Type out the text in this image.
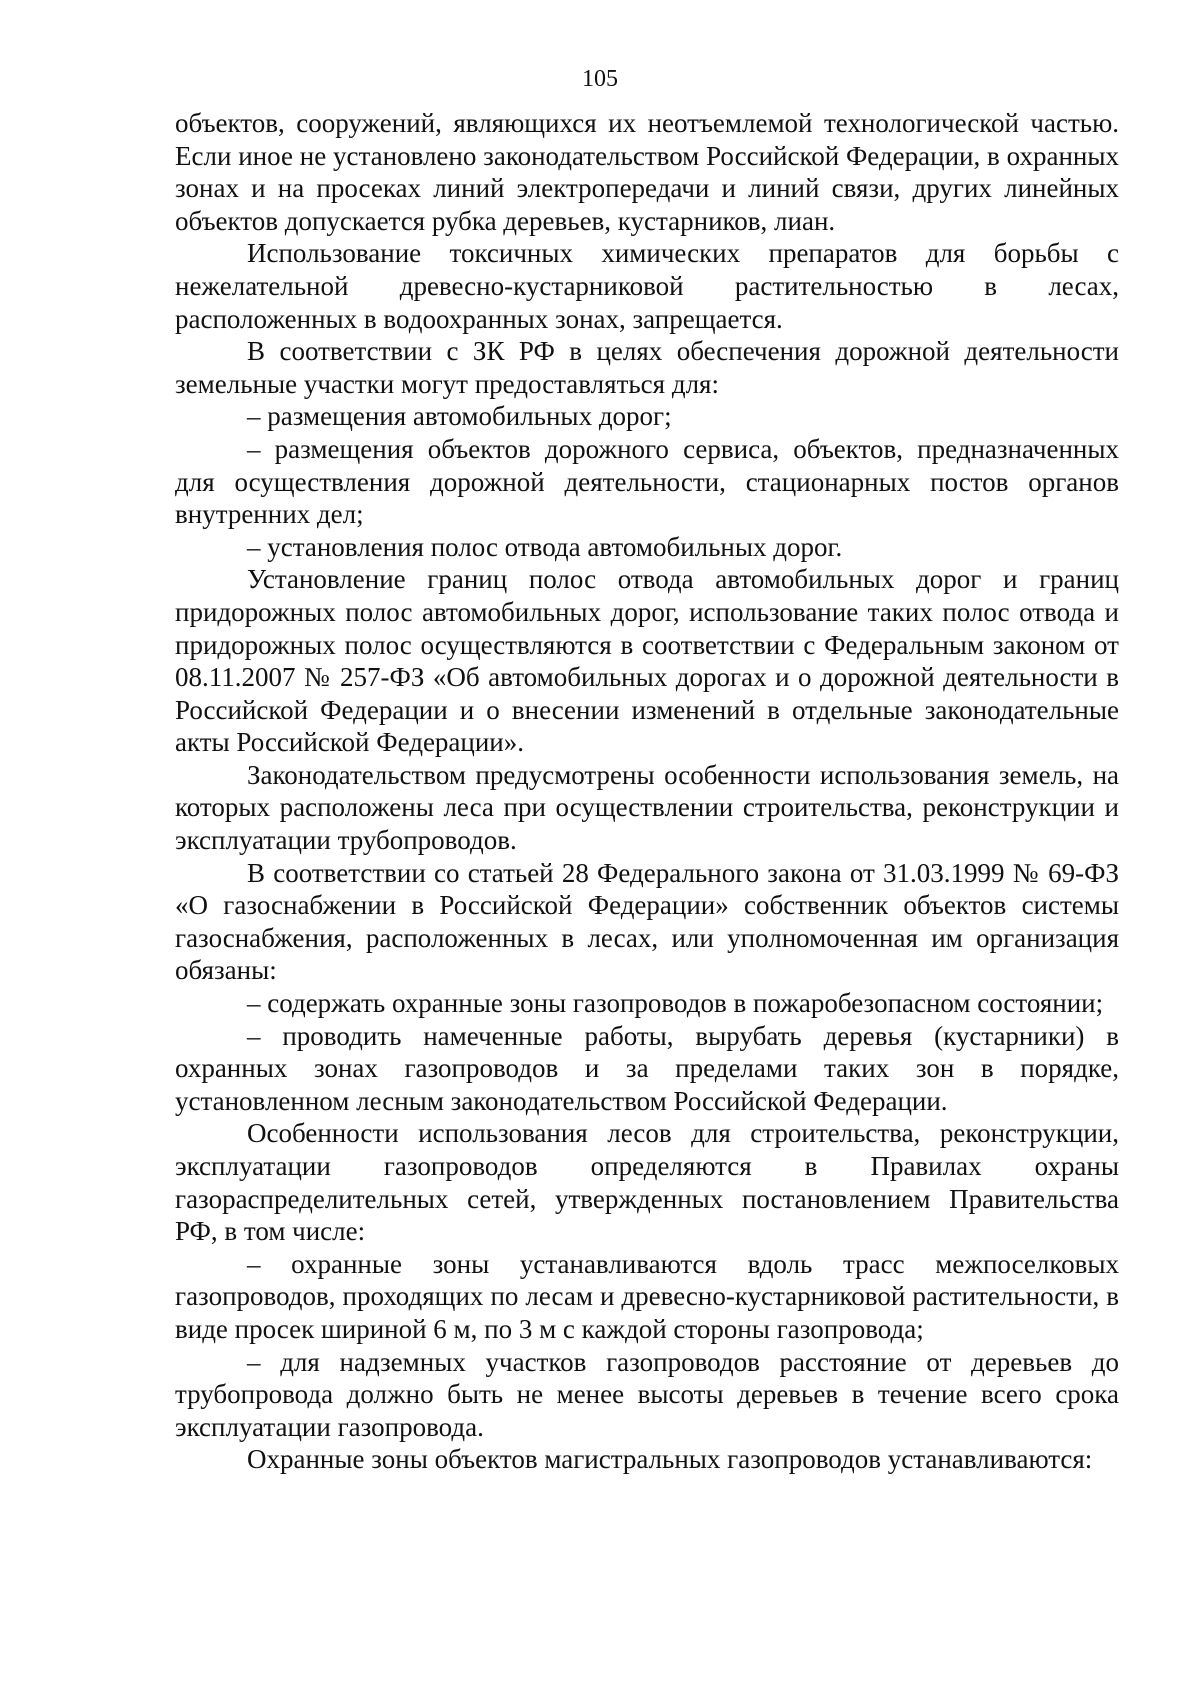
105

объектов, сооружений, являющихся их неотъемлемой технологической частью. Если иное не установлено законодательством Российской Федерации, в охранных зонах и на просеках линий электропередачи и линий связи, других линейных объектов допускается рубка деревьев, кустарников, лиан.

Использование токсичных химических препаратов для борьбы с нежелательной древесно-кустарниковой растительностью в лесах, расположенных в водоохранных зонах, запрещается.

В соответствии с ЗК РФ в целях обеспечения дорожной деятельности земельные участки могут предоставляться для:

– размещения автомобильных дорог;

– размещения объектов дорожного сервиса, объектов, предназначенных для осуществления дорожной деятельности, стационарных постов органов внутренних дел;

– установления полос отвода автомобильных дорог.

Установление границ полос отвода автомобильных дорог и границ придорожных полос автомобильных дорог, использование таких полос отвода и придорожных полос осуществляются в соответствии с Федеральным законом от 08.11.2007 № 257-ФЗ «Об автомобильных дорогах и о дорожной деятельности в Российской Федерации и о внесении изменений в отдельные законодательные акты Российской Федерации».

Законодательством предусмотрены особенности использования земель, на которых расположены леса при осуществлении строительства, реконструкции и эксплуатации трубопроводов.

В соответствии со статьей 28 Федерального закона от 31.03.1999 № 69-ФЗ «О газоснабжении в Российской Федерации» собственник объектов системы газоснабжения, расположенных в лесах, или уполномоченная им организация обязаны:

– содержать охранные зоны газопроводов в пожаробезопасном состоянии;

– проводить намеченные работы, вырубать деревья (кустарники) в охранных зонах газопроводов и за пределами таких зон в порядке, установленном лесным законодательством Российской Федерации.

Особенности использования лесов для строительства, реконструкции, эксплуатации газопроводов определяются в Правилах охраны газораспределительных сетей, утвержденных постановлением Правительства РФ, в том числе:

– охранные зоны устанавливаются вдоль трасс межпоселковых газопроводов, проходящих по лесам и древесно-кустарниковой растительности, в виде просек шириной 6 м, по 3 м с каждой стороны газопровода;

– для надземных участков газопроводов расстояние от деревьев до трубопровода должно быть не менее высоты деревьев в течение всего срока эксплуатации газопровода.

Охранные зоны объектов магистральных газопроводов устанавливаются:
